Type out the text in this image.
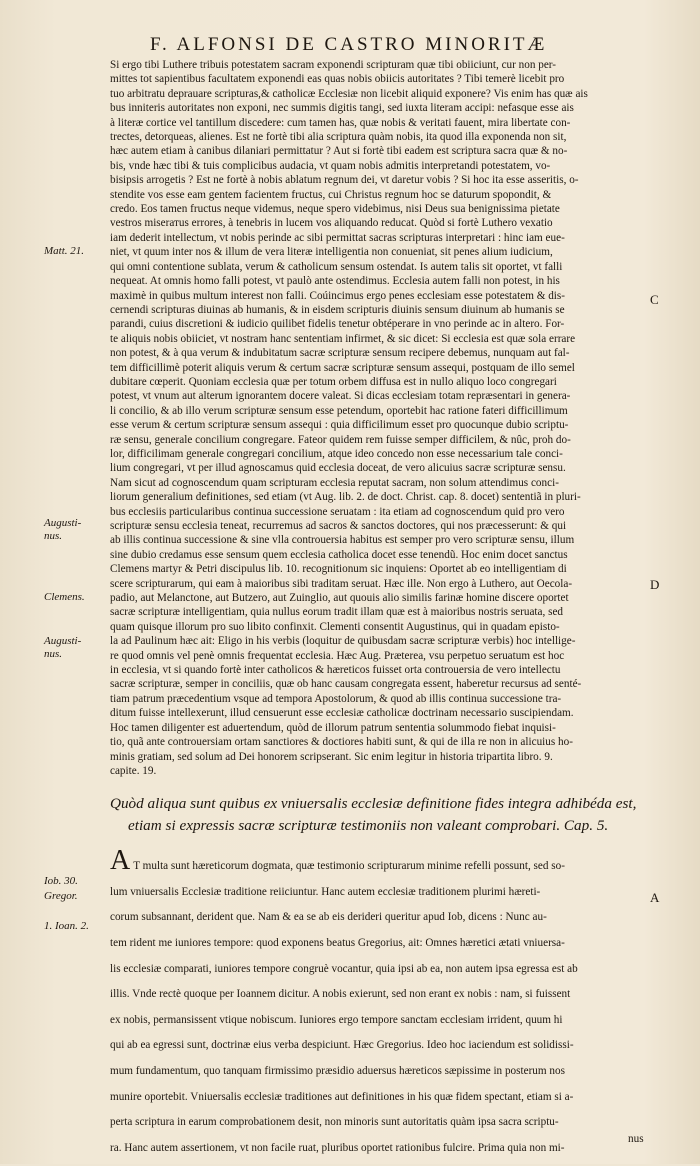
F. ALFONSI DE CASTRO MINORITÆ

Si ergo tibi Luthere tribuis potestatem sacram exponendi scripturam quæ tibi obiiciunt, cur non per-

mittes tot sapientibus facultatem exponendi eas quas nobis obiicis autoritates ? Tibi temerè licebit pro

tuo arbitratu deprauare scripturas,& catholicæ Ecclesiæ non licebit aliquid exponere? Vis enim has quæ ais

bus inniteris autoritates non exponi, nec summis digitis tangi, sed iuxta literam accipi: nefasque esse ais

à literæ cortice vel tantillum discedere: cum tamen has, quæ nobis & veritati fauent, mira libertate con-

trectes, detorqueas, alienes. Est ne fortè tibi alia scriptura quàm nobis, ita quod illa exponenda non sit,

hæc autem etiam à canibus dilaniari permittatur ? Aut si fortè tibi eadem est scriptura sacra quæ & no-

bis, vnde hæc tibi & tuis complicibus audacia, vt quam nobis admitis interpretandi potestatem, vo-

bisipsis arrogetis ? Est ne fortè à nobis ablatum regnum dei, vt daretur vobis ? Si hoc ita esse asseritis, o-

stendite vos esse eam gentem facientem fructus, cui Christus regnum hoc se daturum spopondit, &

credo. Eos tamen fructus neque videmus, neque spero videbimus, nisi Deus sua benignissima pietate

vestros miserатus errores, à tenebris in lucem vos aliquando reducat. Quòd si fortè Luthero vexatio

iam dederit intellectum, vt nobis perinde ac sibi permittat sacras scripturas interpretari : hinc iam eue-

niet, vt quum inter nos & illum de vera literæ intelligentia non conueniat, sit penes alium iudicium,

qui omni contentione sublata, verum & catholicum sensum ostendat. Is autem talis sit oportet, vt falli

nequeat. At omnis homo falli potest, vt paulò ante ostendimus. Ecclesia autem falli non potest, in his

maximè in quibus multum interest non falli. Coúincimus ergo penes ecclesiam esse potestatem & dis-

cernendi scripturas diuinas ab humanis, & in eisdem scripturis diuinis sensum diuinum ab humanis se

parandi, cuius discretioni & iudicio quilibet fidelis tenetur obtéperare in vno perinde ac in altero. For-

te aliquis nobis obiiciet, vt nostram hanc sententiam infirmet, & sic dicet: Si ecclesia est quæ sola errare

non potest, & à qua verum & indubitatum sacræ scripturæ sensum recipere debemus, nunquam aut fal-

tem difficillimè poterit aliquis verum & certum sacræ scripturæ sensum assequi, postquam de illo semel

dubitare cœperit. Quoniam ecclesia quæ per totum orbem diffusa est in nullo aliquo loco congregari

potest, vt vnum aut alterum ignorantem docere valeat. Si dicas ecclesiam totam repræsentari in genera-

li concilio, & ab illo verum scripturæ sensum esse petendum, oportebit hac ratione fateri difficillimum

esse verum & certum scripturæ sensum assequi : quia difficilimum esset pro quocunque dubio scriptu-

ræ sensu, generale concilium congregare. Fateor quidem rem fuisse semper difficilem, & nûc, proh do-

lor, difficilimam generale congregari concilium, atque ideo concedo non esse necessarium tale conci-

lium congregari, vt per illud agnoscamus quid ecclesia doceat, de vero alicuius sacræ scripturæ sensu.

Nam sicut ad cognoscendum quam scripturam ecclesia reputat sacram, non solum attendimus conci-

liorum generalium definitiones, sed etiam (vt Aug. lib. 2. de doct. Christ. cap. 8. docet) sententiã in pluri-

bus ecclesiis particularibus continua successione seruatam : ita etiam ad cognoscendum quid pro vero

scripturæ sensu ecclesia teneat, recurremus ad sacros & sanctos doctores, qui nos præcesserunt: & qui

ab illis continua successione & sine vlla controuersia habitus est semper pro vero scripturæ sensu, illum

sine dubio credamus esse sensum quem ecclesia catholica docet esse tenendũ. Hoc enim docet sanctus

Clemens martyr & Petri discipulus lib. 10. recognitionum sic inquiens: Oportet ab eo intelligentiam di

scere scripturarum, qui eam à maioribus sibi traditam seruat. Hæc ille. Non ergo à Luthero, aut Oecola-

padio, aut Melanctone, aut Butzero, aut Zuinglio, aut quouis alio similis farinæ homine discere oportet

sacræ scripturæ intelligentiam, quia nullus eorum tradit illam quæ est à maioribus nostris seruata, sed

quam quisque illorum pro suo libito confinxit. Clementi consentit Augustinus, qui in quadam episto-

la ad Paulinum hæc ait: Eligo in his verbis (loquitur de quibusdam sacræ scripturæ verbis) hoc intellige-

re quod omnis vel penè omnis frequentat ecclesia. Hæc Aug. Præterea, vsu perpetuo seruatum est hoc

in ecclesia, vt si quando fortè inter catholicos & hæreticos fuisset orta controuersia de vero intellectu

sacræ scripturæ, semper in conciliis, quæ ob hanc causam congregata essent, haberetur recursus ad senté-

tiam patrum præcedentium vsque ad tempora Apostolorum, & quod ab illis continua successione tra-

ditum fuisse intellexerunt, illud censuerunt esse ecclesiæ catholicæ doctrinam necessario suscipiendam.

Hoc tamen diligenter est aduertendum, quòd de illorum patrum sententia solummodo fiebat inquisi-

tio, quã ante controuersiam ortam sanctiores & doctiores habiti sunt, & qui de illa re non in alicuius ho-

minis gratiam, sed solum ad Dei honorem scripserant. Sic enim legitur in historia tripartita libro. 9.

capite. 19.

Matt. 21.
Augusti- nus.
Clemens.
Augusti- nus.
Iob. 30.
Gregor.
1. Ioan. 2.
C
D
A
Quòd aliqua sunt quibus ex vniuersalis ecclesiæ definitione fides integra adhibéda est,
etiam si expressis sacræ scripturæ testimoniis non valeant comprobari. Cap. 5.
A T multa sunt hæreticorum dogmata, quæ testimonio scripturarum minime refelli possunt, sed so-

lum vniuersalis Ecclesiæ traditione reiiciuntur. Hanc autem ecclesiæ traditionem plurimi hæreti-

corum subsannant, derident que. Nam & ea se ab eis derideri queritur apud Iob, dicens : Nunc au-

tem rident me iuniores tempore: quod exponens beatus Gregorius, ait: Omnes hæretici ætati vniuersa-

lis ecclesiæ comparati, iuniores tempore congruè vocantur, quia ipsi ab ea, non autem ipsa egressa est ab

illis. Vnde rectè quoque per Ioannem dicitur. A nobis exierunt, sed non erant ex nobis : nam, si fuissent

ex nobis, permansissent vtique nobiscum. Iuniores ergo tempore sanctam ecclesiam irrident, quum hi

qui ab ea egressi sunt, doctrinæ eius verba despiciunt. Hæc Gregorius. Ideo hoc iaciendum est solidissi-

mum fundamentum, quo tanquam firmissimo præsidio aduersus hæreticos sæpissime in posterum nos

munire oportebit. Vniuersalis ecclesiæ traditiones aut definitiones in his quæ fidem spectant, etiam si a-

perta scriptura in earum comprobationem desit, non minoris sunt autoritatis quàm ipsa sacra scriptu-

ra. Hanc autem assertionem, vt non facile ruat, pluribus oportet rationibus fulcire. Prima quia non mi-

nus
